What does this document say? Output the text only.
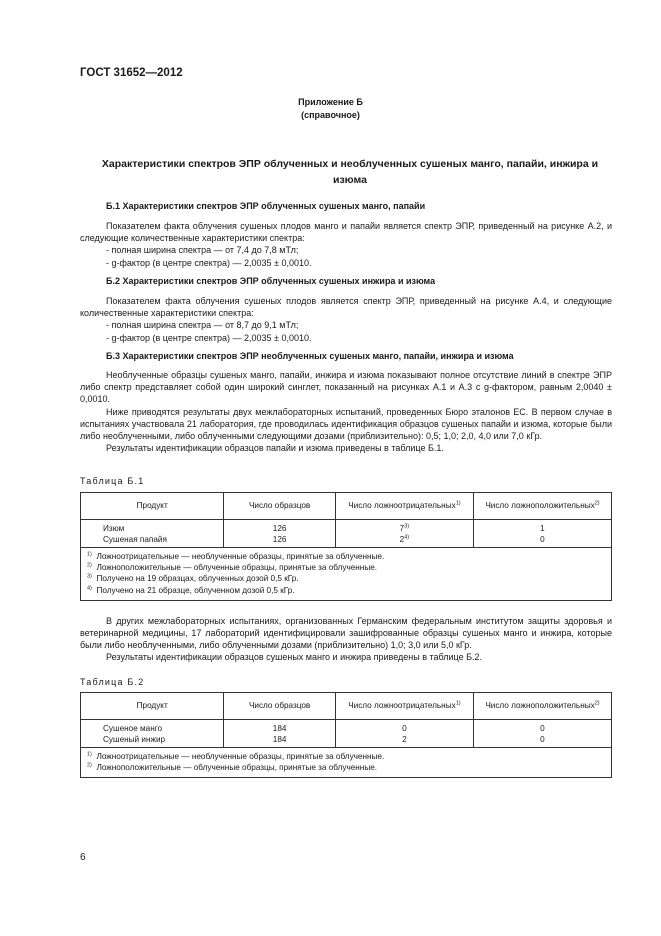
ГОСТ 31652—2012
Приложение Б
(справочное)
Характеристики спектров ЭПР облученных и необлученных сушеных манго, папайи, инжира и изюма

Б.1 Характеристики спектров ЭПР облученных сушеных манго, папайи

Показателем факта облучения сушеных плодов манго и папайи является спектр ЭПР, приведенный на рисунке А.2, и следующие количественные характеристики спектра:

- полная ширина спектра — от 7,4 до 7,8 мТл;

- g-фактор (в центре спектра) — 2,0035 ± 0,0010.

Б.2 Характеристики спектров ЭПР облученных сушеных инжира и изюма

Показателем факта облучения сушеных плодов является спектр ЭПР, приведенный на рисунке А.4, и следующие количественные характеристики спектра:

- полная ширина спектра — от 8,7 до 9,1 мТл;

- g-фактор (в центре спектра) — 2,0035 ± 0,0010.

Б.3 Характеристики спектров ЭПР необлученных сушеных манго, папайи, инжира и изюма

Необлученные образцы сушеных манго, папайи, инжира и изюма показывают полное отсутствие линий в спектре ЭПР либо спектр представляет собой один широкий синглет, показанный на рисунках А.1 и А.3 с g-фактором, равным 2,0040 ± 0,0010.

Ниже приводятся результаты двух межлабораторных испытаний, проведенных Бюро эталонов ЕС. В первом случае в испытаниях участвовала 21 лаборатория, где проводилась идентификация образцов сушеных папайи и изюма, которые были либо необлученными, либо облученными следующими дозами (приблизительно): 0,5; 1,0; 2,0, 4,0 или 7,0 кГр.

Результаты идентификации образцов папайи и изюма приведены в таблице Б.1.

Таблица Б.1
Продукт	Число образцов	Число ложноотрицательных$^{1)}$	Число ложноположительных$^{2)}$
Изюм	126	7$^{3)}$	1
Сушеная папайя	126	2$^{4)}$	0

$^{1)}$ Ложноотрицательные — необлученные образцы, принятые за облученные.
$^{2)}$ Ложноположительные — облученные образцы, принятые за облученные.
$^{3)}$ Получено на 19 образцах, облученных дозой 0,5 кГр.
$^{4)}$ Получено на 21 образце, облученном дозой 0,5 кГр.			

В других межлабораторных испытаниях, организованных Германским федеральным институтом защиты здоровья и ветеринарной медицины, 17 лабораторий идентифицировали зашифрованные образцы сушеных манго и инжира, которые были либо необлученными, либо облученными дозами (приблизительно) 1,0; 3,0 или 5,0 кГр.

Результаты идентификации образцов сушеных манго и инжира приведены в таблице Б.2.

Таблица Б.2
Продукт	Число образцов	Число ложноотрицательных$^{1)}$	Число ложноположительных$^{2)}$
Сушеное манго	184	0	0
Сушеный инжир	184	2	0

$^{1)}$ Ложноотрицательные — необлученные образцы, принятые за облученные.
$^{2)}$ Ложноположительные — облученные образцы, принятые за облученные.			
6
